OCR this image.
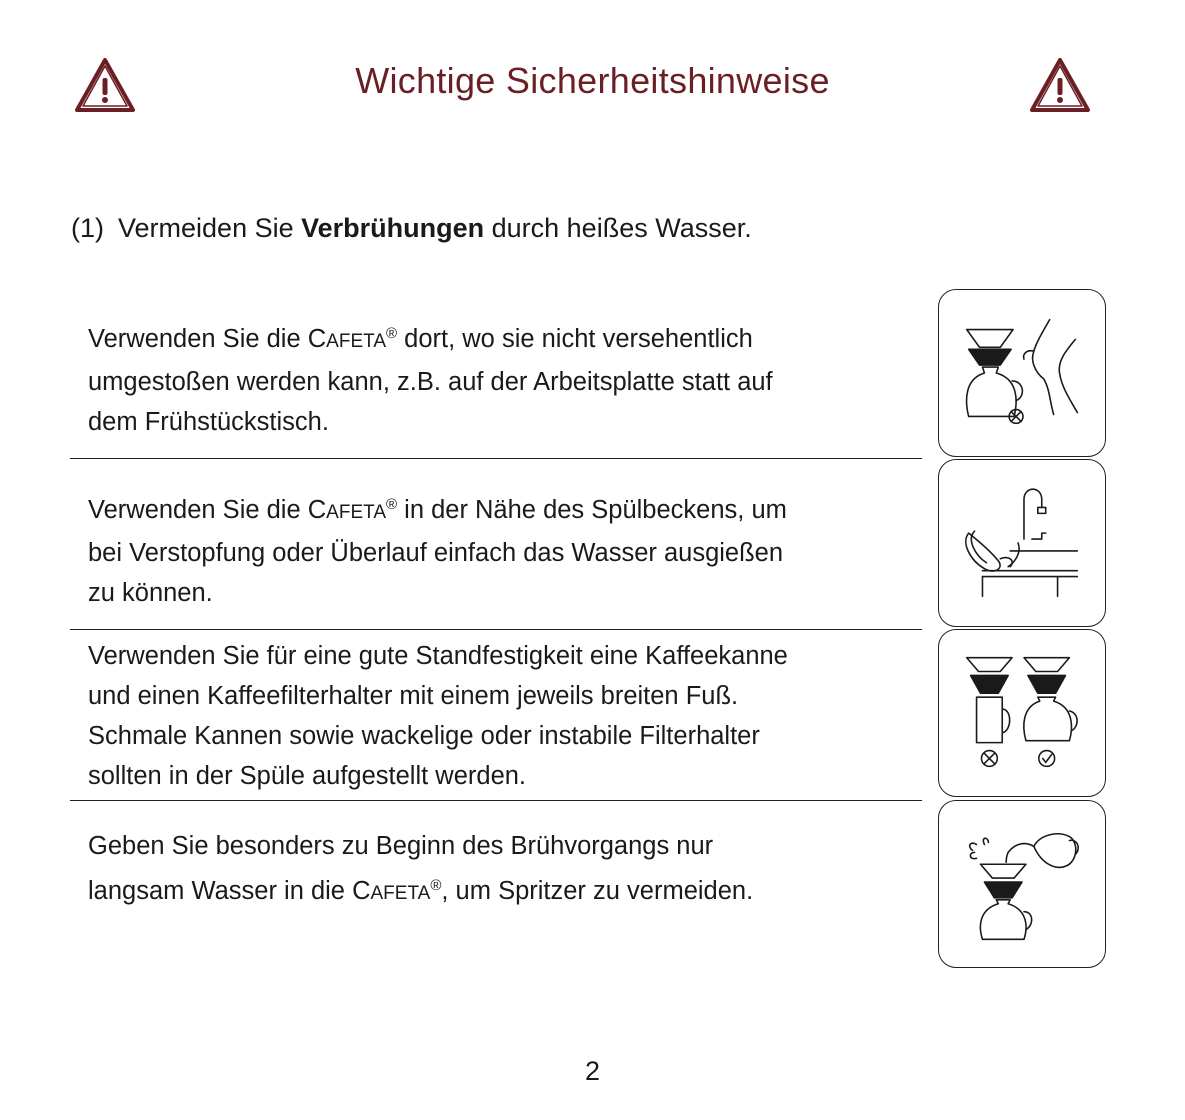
Wichtige Sicherheitshinweise
(1) Vermeiden Sie Verbrühungen durch heißes Wasser.
Verwenden Sie die CAFETA® dort, wo sie nicht versehentlich
umgestoßen werden kann, z.B. auf der Arbeitsplatte statt auf
dem Frühstückstisch.
Verwenden Sie die CAFETA® in der Nähe des Spülbeckens, um
bei Verstopfung oder Überlauf einfach das Wasser ausgießen
zu können.
Verwenden Sie für eine gute Standfestigkeit eine Kaffeekanne
und einen Kaffeefilterhalter mit einem jeweils breiten Fuß.
Schmale Kannen sowie wackelige oder instabile Filterhalter
sollten in der Spüle aufgestellt werden.
Geben Sie besonders zu Beginn des Brühvorgangs nur
langsam Wasser in die CAFETA®, um Spritzer zu vermeiden.
2
